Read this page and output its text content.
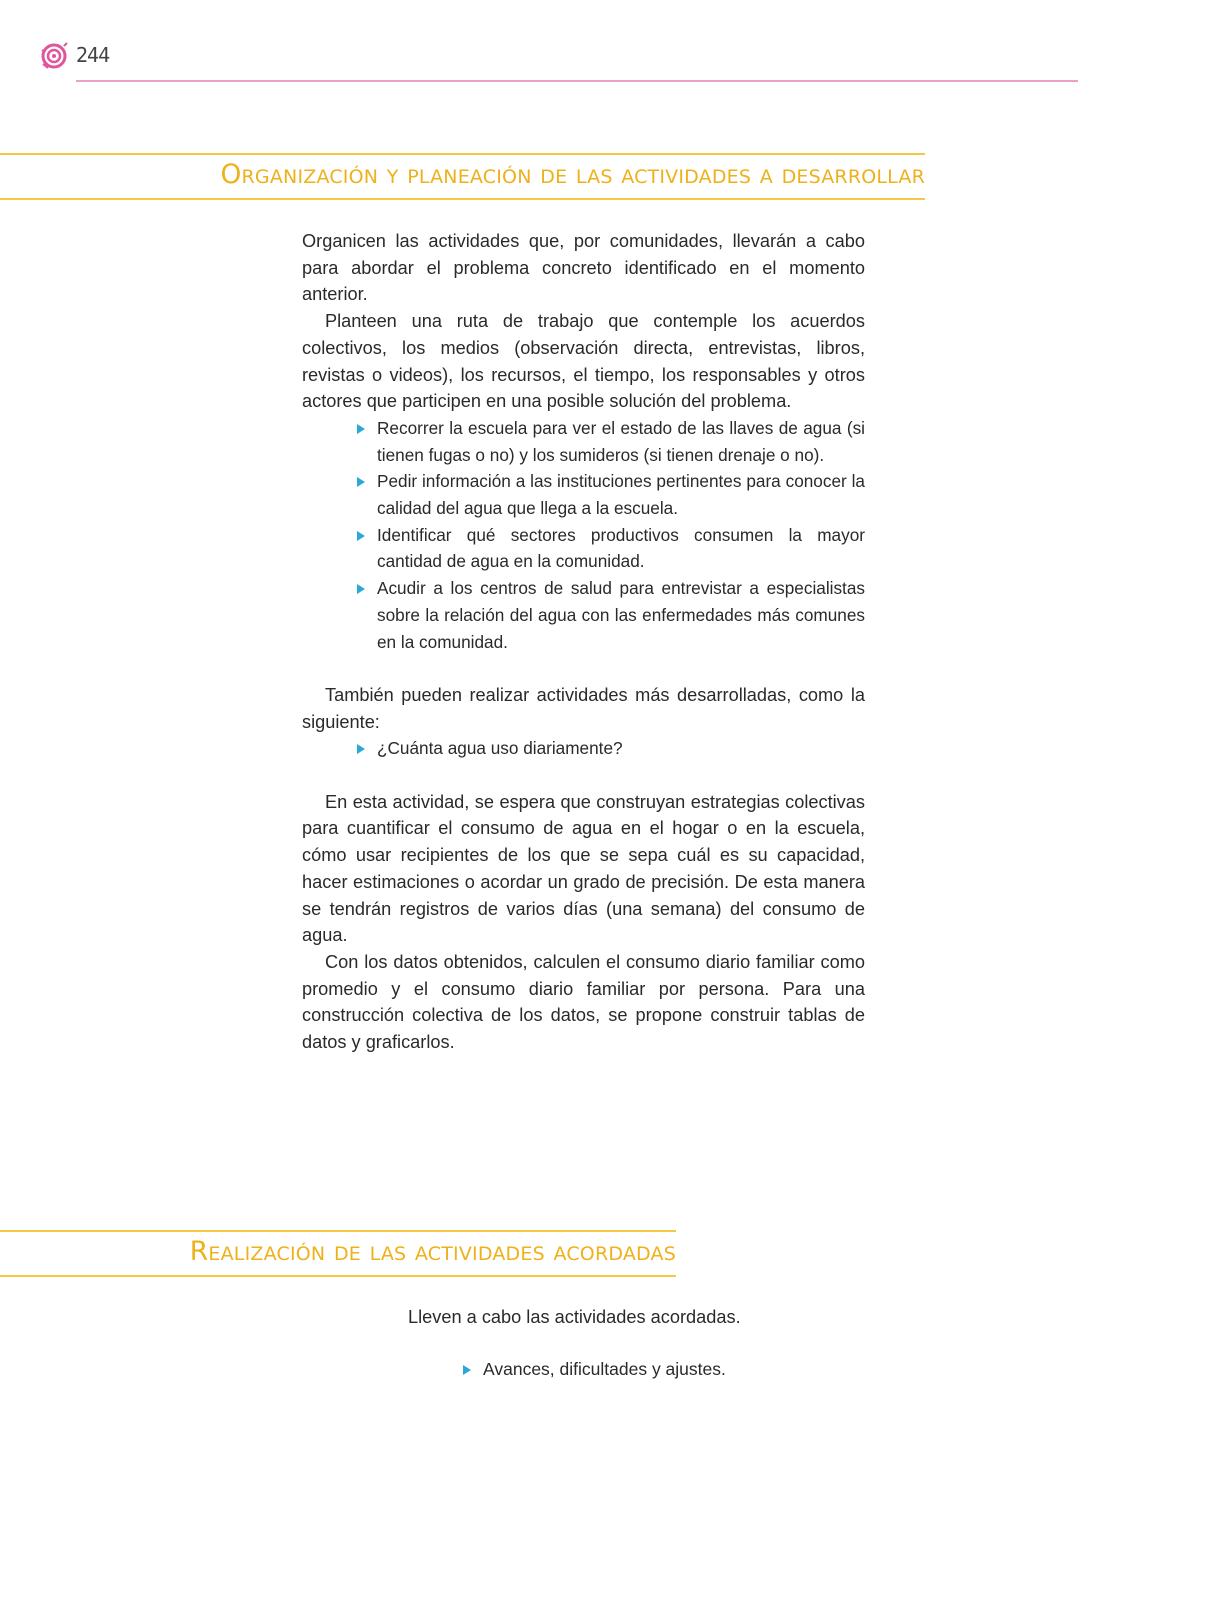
244
Organización y planeación de las actividades a desarrollar

Organicen las actividades que, por comunidades, llevarán a cabo para abordar el problema concreto identificado en el momento anterior.

Planteen una ruta de trabajo que contemple los acuerdos colectivos, los medios (observación directa, entrevistas, libros, revistas o videos), los recursos, el tiempo, los responsables y otros actores que participen en una posible solución del problema.

Recorrer la escuela para ver el estado de las llaves de agua (si tienen fugas o no) y los sumideros (si tienen drenaje o no).
Pedir información a las instituciones pertinentes para conocer la calidad del agua que llega a la escuela.
Identificar qué sectores productivos consumen la mayor cantidad de agua en la comunidad.
Acudir a los centros de salud para entrevistar a especialistas sobre la relación del agua con las enfermedades más comunes en la comunidad.

También pueden realizar actividades más desarrolladas, como la siguiente:

¿Cuánta agua uso diariamente?

En esta actividad, se espera que construyan estrategias colectivas para cuantificar el consumo de agua en el hogar o en la escuela, cómo usar recipientes de los que se sepa cuál es su capacidad, hacer estimaciones o acordar un grado de precisión. De esta manera se tendrán registros de varios días (una semana) del consumo de agua.

Con los datos obtenidos, calculen el consumo diario familiar como promedio y el consumo diario familiar por persona. Para una construcción colectiva de los datos, se propone construir tablas de datos y graficarlos.

Realización de las actividades acordadas
Lleven a cabo las actividades acordadas.
Avances, dificultades y ajustes.
